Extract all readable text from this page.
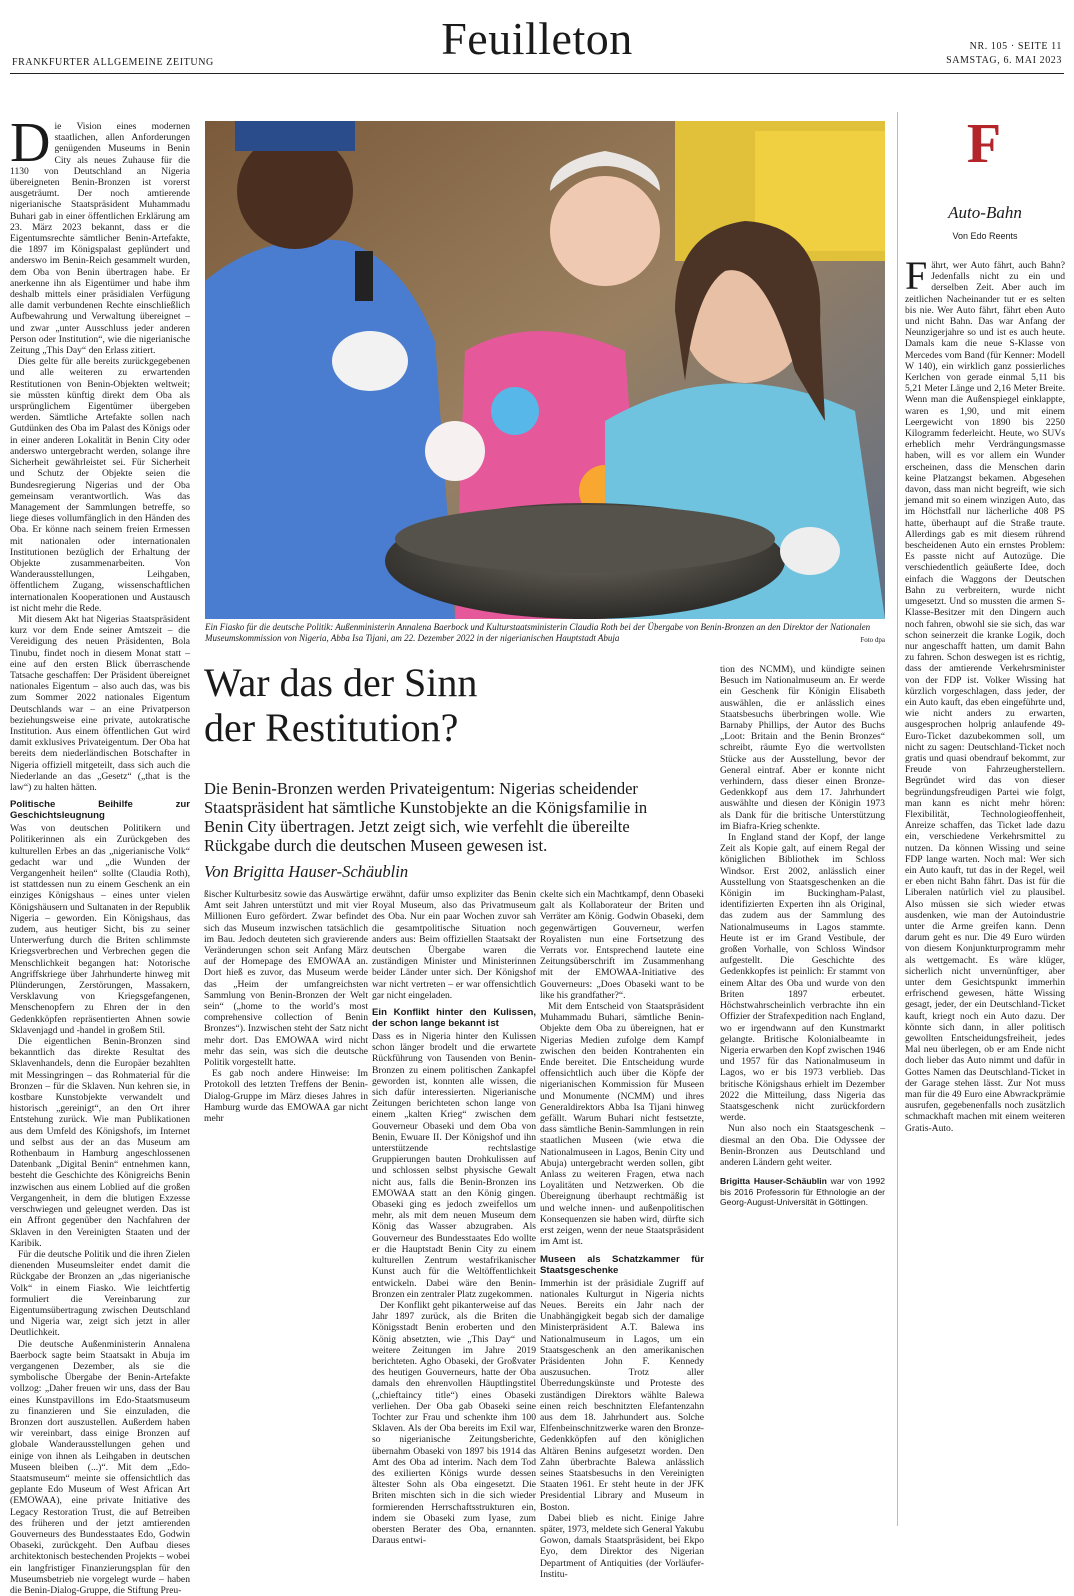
FRANKFURTER ALLGEMEINE ZEITUNG	Feuilleton	NR. 105 · SEITE 11
SAMSTAG, 6. MAI 2023

Die Vision eines modernen staatlichen, allen Anforderungen genügenden Museums in Benin City als neues Zuhause für die 1130 von Deutschland an Nigeria übereigneten Benin-Bronzen ist vorerst ausgeträumt. Der noch amtierende nigerianische Staatspräsident Muhammadu Buhari gab in einer öffentlichen Erklärung am 23. März 2023 bekannt, dass er die Eigentumsrechte sämtlicher Benin-Artefakte, die 1897 im Königspalast geplündert und anderswo im Benin-Reich gesammelt wurden, dem Oba von Benin übertragen habe. Er anerkenne ihn als Eigentümer und habe ihm deshalb mittels einer präsidialen Verfügung alle damit verbundenen Rechte einschließlich Aufbewahrung und Verwaltung übereignet – und zwar „unter Ausschluss jeder anderen Person oder Institution“, wie die nigerianische Zeitung „This Day“ den Erlass zitiert.

Dies gelte für alle bereits zurückgegebenen und alle weiteren zu erwartenden Restitutionen von Benin-Objekten weltweit; sie müssten künftig direkt dem Oba als ursprünglichem Eigentümer übergeben werden. Sämtliche Artefakte sollen nach Gutdünken des Oba im Palast des Königs oder in einer anderen Lokalität in Benin City oder anderswo untergebracht werden, solange ihre Sicherheit gewährleistet sei. Für Sicherheit und Schutz der Objekte seien die Bundesregierung Nigerias und der Oba gemeinsam verantwortlich. Was das Management der Sammlungen betreffe, so liege dieses vollumfänglich in den Händen des Oba. Er könne nach seinem freien Ermessen mit nationalen oder internationalen Institutionen bezüglich der Erhaltung der Objekte zusammenarbeiten. Von Wanderausstellungen, Leihgaben, öffentlichem Zugang, wissenschaftlichen internationalen Kooperationen und Austausch ist nicht mehr die Rede.

Mit diesem Akt hat Nigerias Staatspräsident kurz vor dem Ende seiner Amtszeit – die Vereidigung des neuen Präsidenten, Bola Tinubu, findet noch in diesem Monat statt – eine auf den ersten Blick überraschende Tatsache geschaffen: Der Präsident übereignet nationales Eigentum – also auch das, was bis zum Sommer 2022 nationales Eigentum Deutschlands war – an eine Privatperson beziehungsweise eine private, autokratische Institution. Aus einem öffentlichen Gut wird damit exklusives Privateigentum. Der Oba hat bereits dem niederländischen Botschafter in Nigeria offiziell mitgeteilt, dass sich auch die Niederlande an das „Gesetz“ („that is the law“) zu halten hätten.

Politische Beihilfe zur Geschichtsleugnung

Was von deutschen Politikern und Politikerinnen als ein Zurückgeben des kulturellen Erbes an das „nigerianische Volk“ gedacht war und „die Wunden der Vergangenheit heilen“ sollte (Claudia Roth), ist stattdessen nun zu einem Geschenk an ein einziges Königshaus – eines unter vielen Königshäusern und Sultanaten in der Republik Nigeria – geworden. Ein Königshaus, das zudem, aus heutiger Sicht, bis zu seiner Unterwerfung durch die Briten schlimmste Kriegsverbrechen und Verbrechen gegen die Menschlichkeit begangen hat: Notorische Angriffskriege über Jahrhunderte hinweg mit Plünderungen, Zerstörungen, Massakern, Versklavung von Kriegsgefangenen, Menschenopfern zu Ehren der in den Gedenkköpfen repräsentierten Ahnen sowie Sklavenjagd und -handel in großem Stil.

Die eigentlichen Benin-Bronzen sind bekanntlich das direkte Resultat des Sklavenhandels, denn die Europäer bezahlten mit Messingringen – das Rohmaterial für die Bronzen – für die Sklaven. Nun kehren sie, in kostbare Kunstobjekte verwandelt und historisch „gereinigt“, an den Ort ihrer Entstehung zurück. Wie man Publikationen aus dem Umfeld des Königshofs, im Internet und selbst aus der an das Museum am Rothenbaum in Hamburg angeschlossenen Datenbank „Digital Benin“ entnehmen kann, besteht die Geschichte des Königreichs Benin inzwischen aus einem Loblied auf die großen Vergangenheit, in dem die blutigen Exzesse verschwiegen und geleugnet werden. Das ist ein Affront gegenüber den Nachfahren der Sklaven in den Vereinigten Staaten und der Karibik.

Für die deutsche Politik und die ihren Zielen dienenden Museumsleiter endet damit die Rückgabe der Bronzen an „das nigerianische Volk“ in einem Fiasko. Wie leichtfertig formuliert die Vereinbarung zur Eigentumsübertragung zwischen Deutschland und Nigeria war, zeigt sich jetzt in aller Deutlichkeit.

Die deutsche Außenministerin Annalena Baerbock sagte beim Staatsakt in Abuja im vergangenen Dezember, als sie die symbolische Übergabe der Benin-Artefakte vollzog: „Daher freuen wir uns, dass der Bau eines Kunstpavillons im Edo-Staatsmuseum zu finanzieren und Sie einzuladen, die Bronzen dort auszustellen. Außerdem haben wir vereinbart, dass einige Bronzen auf globale Wanderausstellungen gehen und einige von ihnen als Leihgaben in deutschen Museen bleiben (...)“. Mit dem „Edo-Staatsmuseum“ meinte sie offensichtlich das geplante Edo Museum of West African Art (EMOWAA), eine private Initiative des Legacy Restoration Trust, die auf Betreiben des früheren und der jetzt amtierenden Gouverneurs des Bundesstaates Edo, Godwin Obaseki, zurückgeht. Den Aufbau dieses architektonisch bestechenden Projekts – wobei ein langfristiger Finanzierungsplan für den Museumsbetrieb nie vorgelegt wurde – haben die Benin-Dialog-Gruppe, die Stiftung Preu-

Ein Fiasko für die deutsche Politik: Außenministerin Annalena Baerbock und Kulturstaatsministerin Claudia Roth bei der Übergabe von Benin-Bronzen an den Direktor der Nationalen Museumskommission von Nigeria, Abba Isa Tijani, am 22. Dezember 2022 in der nigerianischen Hauptstadt Abuja	Foto dpa
War das der Sinn
der Restitution?
Die Benin-Bronzen werden Privateigentum: Nigerias scheidender Staatspräsident hat sämtliche Kunstobjekte an die Königsfamilie in Benin City übertragen. Jetzt zeigt sich, wie verfehlt die übereilte Rückgabe durch die deutschen Museen gewesen ist.
Von Brigitta Hauser-Schäublin

ßischer Kulturbesitz sowie das Auswärtige Amt seit Jahren unterstützt und mit vier Millionen Euro gefördert. Zwar befindet sich das Museum inzwischen tatsächlich im Bau. Jedoch deuteten sich gravierende Veränderungen schon seit Anfang März auf der Homepage des EMOWAA an. Dort hieß es zuvor, das Museum werde das „Heim der umfangreichsten Sammlung von Benin-Bronzen der Welt sein“ („home to the world’s most comprehensive collection of Benin Bronzes“). Inzwischen steht der Satz nicht mehr dort. Das EMOWAA wird nicht mehr das sein, was sich die deutsche Politik vorgestellt hatte.

Es gab noch andere Hinweise: Im Protokoll des letzten Treffens der Benin-Dialog-Gruppe im März dieses Jahres in Hamburg wurde das EMOWAA gar nicht mehr

erwähnt, dafür umso expliziter das Benin Royal Museum, also das Privatmuseum des Oba. Nur ein paar Wochen zuvor sah die gesamtpolitische Situation noch anders aus: Beim offiziellen Staatsakt der deutschen Übergabe waren die zuständigen Minister und Ministerinnen beider Länder unter sich. Der Königshof war nicht vertreten – er war offensichtlich gar nicht eingeladen.

Ein Konflikt hinter den Kulissen, der schon lange bekannt ist

Dass es in Nigeria hinter den Kulissen schon länger brodelt und die erwartete Rückführung von Tausenden von Benin-Bronzen zu einem politischen Zankapfel geworden ist, konnten alle wissen, die sich dafür interessierten. Nigerianische Zeitungen berichteten schon lange von einem „kalten Krieg“ zwischen dem Gouverneur Obaseki und dem Oba von Benin, Ewuare II. Der Königshof und ihn unterstützende rechtslastige Gruppierungen bauten Drohkulissen auf und schlossen selbst physische Gewalt nicht aus, falls die Benin-Bronzen ins EMOWAA statt an den König gingen. Obaseki ging es jedoch zweifellos um mehr, als mit dem neuen Museum dem König das Wasser abzugraben. Als Gouverneur des Bundesstaates Edo wollte er die Hauptstadt Benin City zu einem kulturellen Zentrum westafrikanischer Kunst auch für die Weltöffentlichkeit entwickeln. Dabei wäre den Benin-Bronzen ein zentraler Platz zugekommen.

Der Konflikt geht pikanterweise auf das Jahr 1897 zurück, als die Briten die Königsstadt Benin eroberten und den König absetzten, wie „This Day“ und weitere Zeitungen im Jahre 2019 berichteten. Agho Obaseki, der Großvater des heutigen Gouverneurs, hatte der Oba damals den ehrenvollen Häuptlingstitel („chieftaincy title“) eines Obaseki verliehen. Der Oba gab Obaseki seine Tochter zur Frau und schenkte ihm 100 Sklaven. Als der Oba bereits im Exil war, so nigerianische Zeitungsberichte, übernahm Obaseki von 1897 bis 1914 das Amt des Oba ad interim. Nach dem Tod des exilierten Königs wurde dessen ältester Sohn als Oba eingesetzt. Die Briten mischten sich in die sich wieder formierenden Herrschaftsstrukturen ein, indem sie Obaseki zum Iyase, zum obersten Berater des Oba, ernannten. Daraus entwi-

ckelte sich ein Machtkampf, denn Obaseki galt als Kollaborateur der Briten und Verräter am König. Godwin Obaseki, dem gegenwärtigen Gouverneur, werfen Royalisten nun eine Fortsetzung des Verrats vor. Entsprechend lautete eine Zeitungsüberschrift im Zusammenhang mit der EMOWAA-Initiative des Gouverneurs: „Does Obaseki want to be like his grandfather?“.

Mit dem Entscheid von Staatspräsident Muhammadu Buhari, sämtliche Benin-Objekte dem Oba zu übereignen, hat er Nigerias Medien zufolge dem Kampf zwischen den beiden Kontrahenten ein Ende bereitet. Die Entscheidung wurde offensichtlich auch über die Köpfe der nigerianischen Kommission für Museen und Monumente (NCMM) und ihres Generaldirektors Abba Isa Tijani hinweg gefällt. Warum Buhari nicht festsetzte, dass sämtliche Benin-Sammlungen in rein staatlichen Museen (wie etwa die Nationalmuseen in Lagos, Benin City und Abuja) untergebracht werden sollen, gibt Anlass zu weiteren Fragen, etwa nach Loyalitäten und Netzwerken. Ob die Übereignung überhaupt rechtmäßig ist und welche innen- und außenpolitischen Konsequenzen sie haben wird, dürfte sich erst zeigen, wenn der neue Staatspräsident im Amt ist.

Museen als Schatzkammer für Staatsgeschenke

Immerhin ist der präsidiale Zugriff auf nationales Kulturgut in Nigeria nichts Neues. Bereits ein Jahr nach der Unabhängigkeit begab sich der damalige Ministerpräsident A.T. Balewa ins Nationalmuseum in Lagos, um ein Staatsgeschenk an den amerikanischen Präsidenten John F. Kennedy auszusuchen. Trotz aller Überredungskünste und Proteste des zuständigen Direktors wählte Balewa einen reich beschnitzten Elefantenzahn aus dem 18. Jahrhundert aus. Solche Elfenbeinschnitzwerke waren den Bronze-Gedenkköpfen auf den königlichen Altären Benins aufgesetzt worden. Den Zahn überbrachte Balewa anlässlich seines Staatsbesuchs in den Vereinigten Staaten 1961. Er steht heute in der JFK Presidential Library and Museum in Boston.

Dabei blieb es nicht. Einige Jahre später, 1973, meldete sich General Yakubu Gowon, damals Staatspräsident, bei Ekpo Eyo, dem Direktor des Nigerian Department of Antiquities (der Vorläufer-Institu-

tion des NCMM), und kündigte seinen Besuch im Nationalmuseum an. Er werde ein Geschenk für Königin Elisabeth auswählen, die er anlässlich eines Staatsbesuchs überbringen wolle. Wie Barnaby Phillips, der Autor des Buchs „Loot: Britain and the Benin Bronzes“ schreibt, räumte Eyo die wertvollsten Stücke aus der Ausstellung, bevor der General eintraf. Aber er konnte nicht verhindern, dass dieser einen Bronze-Gedenkkopf aus dem 17. Jahrhundert auswählte und diesen der Königin 1973 als Dank für die britische Unterstützung im Biafra-Krieg schenkte.

In England stand der Kopf, der lange Zeit als Kopie galt, auf einem Regal der königlichen Bibliothek im Schloss Windsor. Erst 2002, anlässlich einer Ausstellung von Staatsgeschenken an die Königin im Buckingham-Palast, identifizierten Experten ihn als Original, das zudem aus der Sammlung des Nationalmuseums in Lagos stammte. Heute ist er im Grand Vestibule, der großen Vorhalle, von Schloss Windsor aufgestellt. Die Geschichte des Gedenkkopfes ist peinlich: Er stammt von einem Altar des Oba und wurde von den Briten 1897 erbeutet. Höchstwahrscheinlich verbrachte ihn ein Offizier der Strafexpedition nach England, wo er irgendwann auf den Kunstmarkt gelangte. Britische Kolonialbeamte in Nigeria erwarben den Kopf zwischen 1946 und 1957 für das Nationalmuseum in Lagos, wo er bis 1973 verblieb. Das britische Königshaus erhielt im Dezember 2022 die Mitteilung, dass Nigeria das Staatsgeschenk nicht zurückfordern werde.

Nun also noch ein Staatsgeschenk – diesmal an den Oba. Die Odyssee der Benin-Bronzen aus Deutschland und anderen Ländern geht weiter.

Brigitta Hauser-Schäublin war von 1992 bis 2016 Professorin für Ethnologie an der Georg-August-Universität in Göttingen.

F
Auto-Bahn
Von Edo Reents

Fährt, wer Auto fährt, auch Bahn? Jedenfalls nicht zu ein und derselben Zeit. Aber auch im zeitlichen Nacheinander tut er es selten bis nie. Wer Auto fährt, fährt eben Auto und nicht Bahn. Das war Anfang der Neunzigerjahre so und ist es auch heute. Damals kam die neue S-Klasse von Mercedes vom Band (für Kenner: Modell W 140), ein wirklich ganz possierliches Kerlchen von gerade einmal 5,11 bis 5,21 Meter Länge und 2,16 Meter Breite. Wenn man die Außenspiegel einklappte, waren es 1,90, und mit einem Leergewicht von 1890 bis 2250 Kilogramm federleicht. Heute, wo SUVs erheblich mehr Verdrängungsmasse haben, will es vor allem ein Wunder erscheinen, dass die Menschen darin keine Platzangst bekamen. Abgesehen davon, dass man nicht begreift, wie sich jemand mit so einem winzigen Auto, das im Höchstfall nur lächerliche 408 PS hatte, überhaupt auf die Straße traute. Allerdings gab es mit diesem rührend bescheidenen Auto ein ernstes Problem: Es passte nicht auf Autozüge. Die verschiedentlich geäußerte Idee, doch einfach die Waggons der Deutschen Bahn zu verbreitern, wurde nicht umgesetzt. Und so mussten die armen S-Klasse-Besitzer mit den Dingern auch noch fahren, obwohl sie sie sich, das war schon seinerzeit die kranke Logik, doch nur angeschafft hatten, um damit Bahn zu fahren. Schon deswegen ist es richtig, dass der amtierende Verkehrsminister von der FDP ist. Volker Wissing hat kürzlich vorgeschlagen, dass jeder, der ein Auto kauft, das eben eingeführte und, wie nicht anders zu erwarten, ausgesprochen holprig anlaufende 49-Euro-Ticket dazubekommen soll, um nicht zu sagen: Deutschland-Ticket noch gratis und quasi obendrauf bekommt, zur Freude von Fahrzeugherstellern. Begründet wird das von dieser begründungsfreudigen Partei wie folgt, man kann es nicht mehr hören: Flexibilität, Technologieoffenheit, Anreize schaffen, das Ticket lade dazu ein, verschiedene Verkehrsmittel zu nutzen. Da können Wissing und seine FDP lange warten. Noch mal: Wer sich ein Auto kauft, tut das in der Regel, weil er eben nicht Bahn fährt. Das ist für die Liberalen natürlich viel zu plausibel. Also müssen sie sich wieder etwas ausdenken, wie man der Autoindustrie unter die Arme greifen kann. Denn darum geht es nur. Die 49 Euro würden von diesem Konjunkturprogramm mehr als wettgemacht. Es wäre klüger, sicherlich nicht unvernünftiger, aber unter dem Gesichtspunkt immerhin erfrischend gewesen, hätte Wissing gesagt, jeder, der ein Deutschland-Ticket kauft, kriegt noch ein Auto dazu. Der könnte sich dann, in aller politisch gewollten Entscheidungsfreiheit, jedes Mal neu überlegen, ob er am Ende nicht doch lieber das Auto nimmt und dafür in Gottes Namen das Deutschland-Ticket in der Garage stehen lässt. Zur Not muss man für die 49 Euro eine Abwrackprämie ausrufen, gegebenenfalls noch zusätzlich schmackhaft machen mit einem weiteren Gratis-Auto.
